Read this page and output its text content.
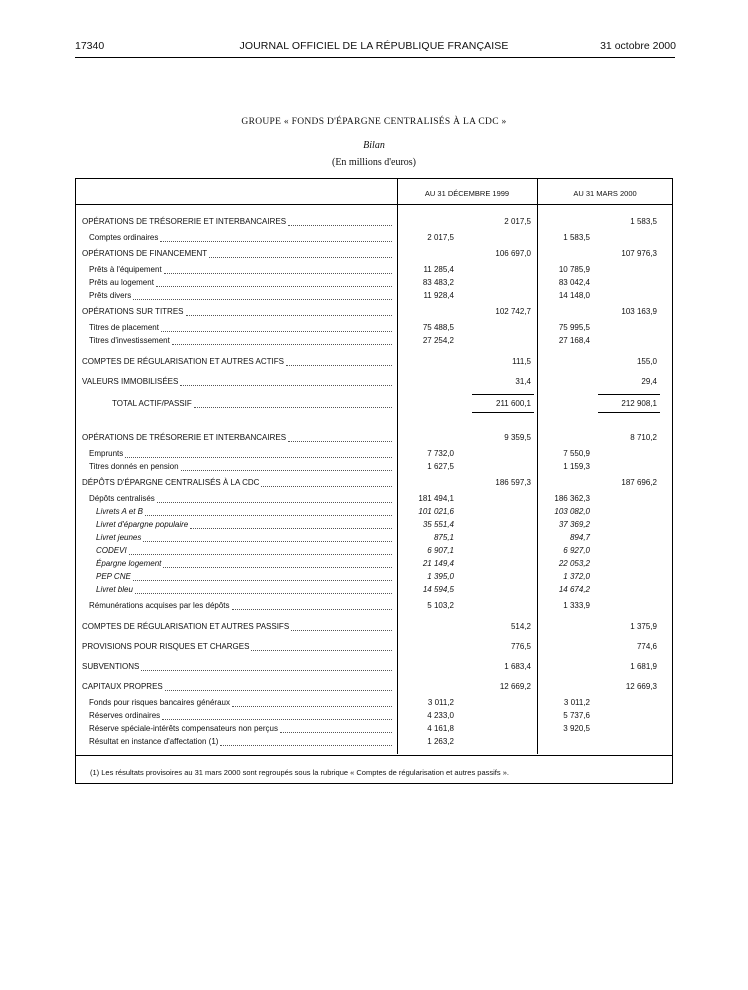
17340	JOURNAL OFFICIEL DE LA RÉPUBLIQUE FRANÇAISE	31 octobre 2000
GROUPE « FONDS D'ÉPARGNE CENTRALISÉS À LA CDC »
Bilan
(En millions d'euros)
AU 31 DÉCEMBRE 1999	AU 31 MARS 2000
OPÉRATIONS DE TRÉSORERIE ET INTERBANCAIRES	2 017,5	1 583,5
Comptes ordinaires	2 017,5	1 583,5
OPÉRATIONS DE FINANCEMENT	106 697,0	107 976,3
Prêts à l'équipement	11 285,4	10 785,9
Prêts au logement	83 483,2	83 042,4
Prêts divers	11 928,4	14 148,0
OPÉRATIONS SUR TITRES	102 742,7	103 163,9
Titres de placement	75 488,5	75 995,5
Titres d'investissement	27 254,2	27 168,4
COMPTES DE RÉGULARISATION ET AUTRES ACTIFS	111,5	155,0
VALEURS IMMOBILISÉES	31,4	29,4
TOTAL ACTIF/PASSIF	211 600,1	212 908,1
OPÉRATIONS DE TRÉSORERIE ET INTERBANCAIRES	9 359,5	8 710,2
Emprunts	7 732,0	7 550,9
Titres donnés en pension	1 627,5	1 159,3
DÉPÔTS D'ÉPARGNE CENTRALISÉS À LA CDC	186 597,3	187 696,2
Dépôts centralisés	181 494,1	186 362,3
Livrets A et B	101 021,6	103 082,0
Livret d'épargne populaire	35 551,4	37 369,2
Livret jeunes	875,1	894,7
CODEVI	6 907,1	6 927,0
Épargne logement	21 149,4	22 053,2
PEP CNE	1 395,0	1 372,0
Livret bleu	14 594,5	14 674,2
Rémunérations acquises par les dépôts	5 103,2	1 333,9
COMPTES DE RÉGULARISATION ET AUTRES PASSIFS	514,2	1 375,9
PROVISIONS POUR RISQUES ET CHARGES	776,5	774,6
SUBVENTIONS	1 683,4	1 681,9
CAPITAUX PROPRES	12 669,2	12 669,3
Fonds pour risques bancaires généraux	3 011,2	3 011,2
Réserves ordinaires	4 233,0	5 737,6
Réserve spéciale-intérêts compensateurs non perçus	4 161,8	3 920,5
Résultat en instance d'affectation (1)	1 263,2
(1) Les résultats provisoires au 31 mars 2000 sont regroupés sous la rubrique « Comptes de régularisation et autres passifs ».
